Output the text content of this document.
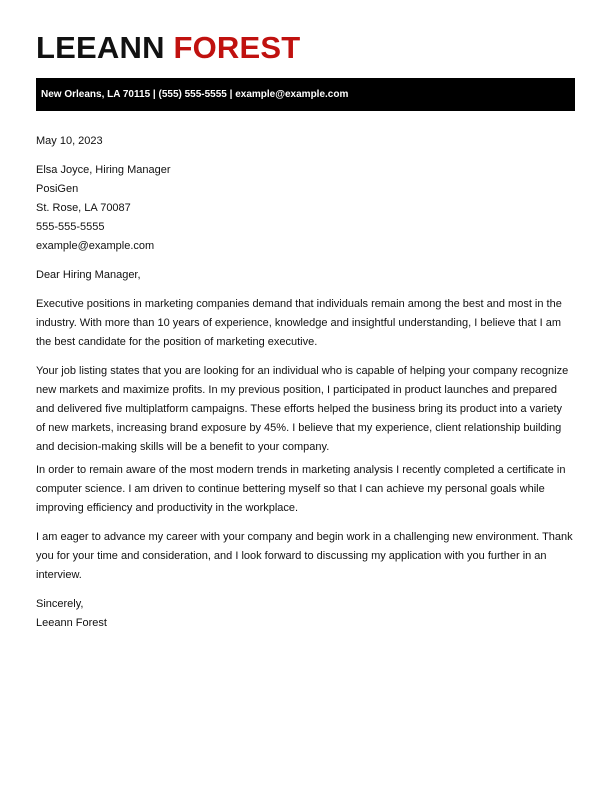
LEEANN FOREST
New Orleans, LA 70115 | (555) 555-5555 | example@example.com
May 10, 2023
Elsa Joyce, Hiring Manager
PosiGen
St. Rose, LA 70087
555-555-5555
example@example.com
Dear Hiring Manager,
Executive positions in marketing companies demand that individuals remain among the best and most in the
industry. With more than 10 years of experience, knowledge and insightful understanding, I believe that I am
the best candidate for the position of marketing executive.
Your job listing states that you are looking for an individual who is capable of helping your company recognize
new markets and maximize profits. In my previous position, I participated in product launches and prepared
and delivered five multiplatform campaigns. These efforts helped the business bring its product into a variety
of new markets, increasing brand exposure by 45%. I believe that my experience, client relationship building
and decision-making skills will be a benefit to your company.
In order to remain aware of the most modern trends in marketing analysis I recently completed a certificate in
computer science. I am driven to continue bettering myself so that I can achieve my personal goals while
improving efficiency and productivity in the workplace.
I am eager to advance my career with your company and begin work in a challenging new environment. Thank
you for your time and consideration, and I look forward to discussing my application with you further in an
interview.
Sincerely,
Leeann Forest
